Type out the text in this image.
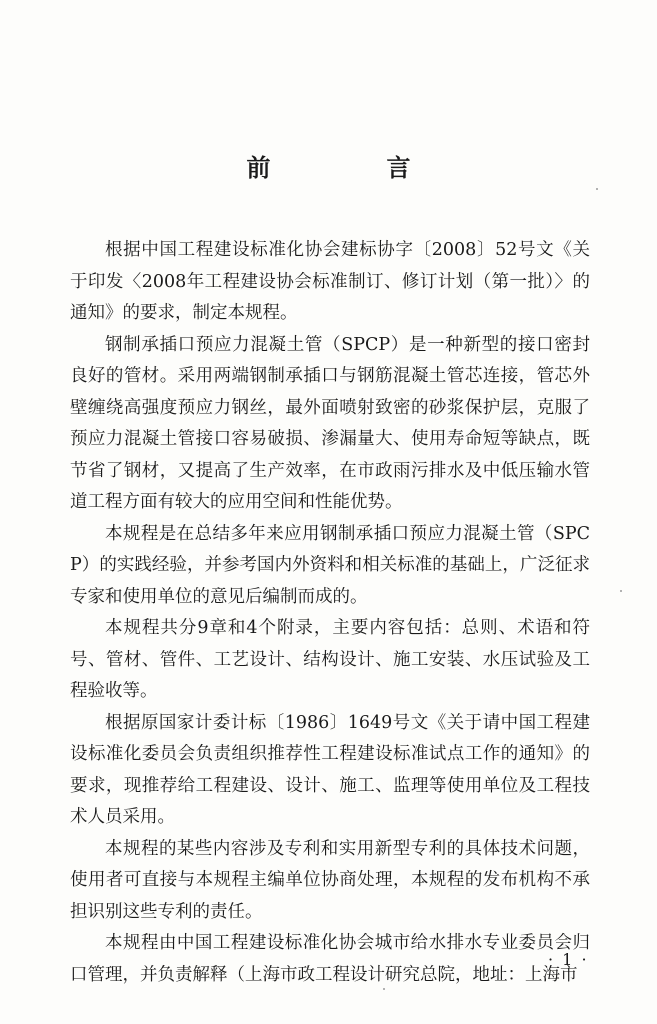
前　言

根据中国工程建设标准化协会建标协字〔2008〕52号文《关于印发〈2008年工程建设协会标准制订、修订计划（第一批）〉的通知》的要求，制定本规程。

钢制承插口预应力混凝土管（SPCP）是一种新型的接口密封良好的管材。采用两端钢制承插口与钢筋混凝土管芯连接，管芯外壁缠绕高强度预应力钢丝，最外面喷射致密的砂浆保护层，克服了预应力混凝土管接口容易破损、渗漏量大、使用寿命短等缺点，既节省了钢材，又提高了生产效率，在市政雨污排水及中低压输水管道工程方面有较大的应用空间和性能优势。

本规程是在总结多年来应用钢制承插口预应力混凝土管（SPCP）的实践经验，并参考国内外资料和相关标准的基础上，广泛征求专家和使用单位的意见后编制而成的。

本规程共分9章和4个附录，主要内容包括：总则、术语和符号、管材、管件、工艺设计、结构设计、施工安装、水压试验及工程验收等。

根据原国家计委计标〔1986〕1649号文《关于请中国工程建设标准化委员会负责组织推荐性工程建设标准试点工作的通知》的要求，现推荐给工程建设、设计、施工、监理等使用单位及工程技术人员采用。

本规程的某些内容涉及专利和实用新型专利的具体技术问题，使用者可直接与本规程主编单位协商处理，本规程的发布机构不承担识别这些专利的责任。

本规程由中国工程建设标准化协会城市给水排水专业委员会归口管理，并负责解释（上海市政工程设计研究总院，地址：上海市

· 1 ·
